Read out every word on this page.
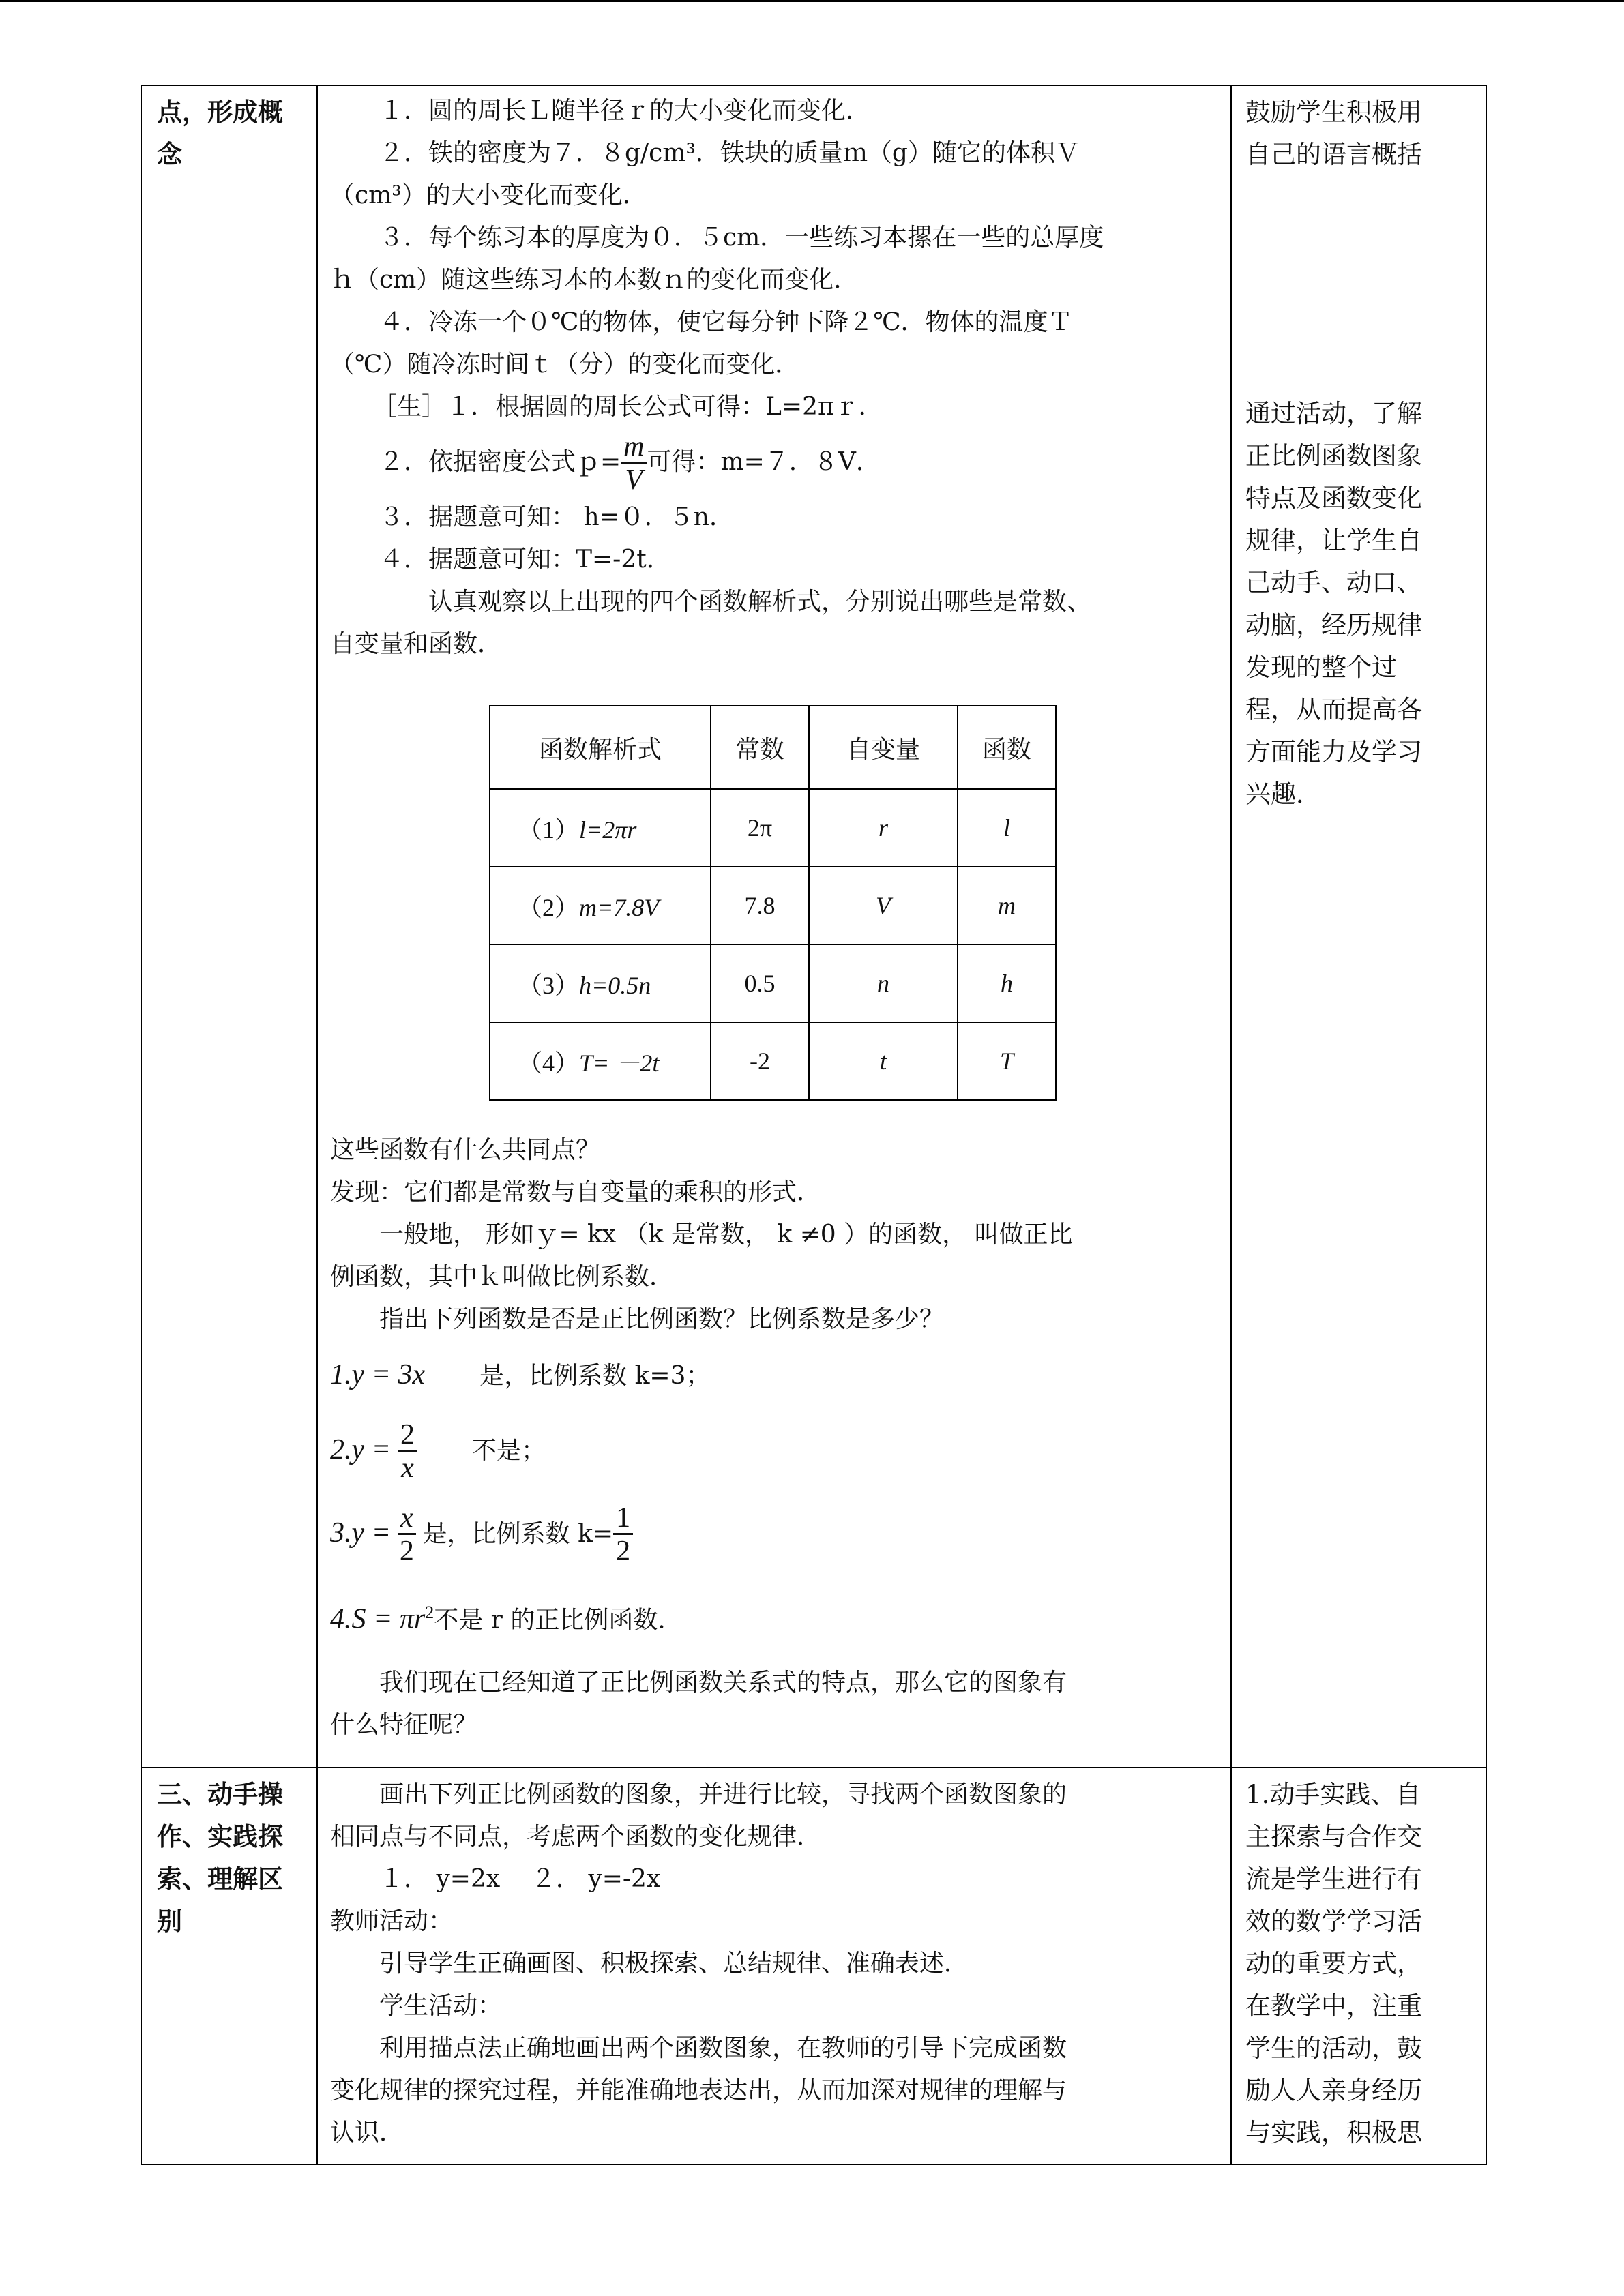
点，形成概
念

１．圆的周长Ｌ随半径ｒ的大小变化而变化．

２．铁的密度为７．８g/cm³．铁块的质量ｍ（g）随它的体积Ｖ

（cm³）的大小变化而变化．

３．每个练习本的厚度为０．５cm．一些练习本摞在一些的总厚度

ｈ（cm）随这些练习本的本数ｎ的变化而变化．

４．冷冻一个０℃的物体，使它每分钟下降２℃．物体的温度Ｔ

（℃）随冷冻时间ｔ（分）的变化而变化．

［生］１．根据圆的周长公式可得：L=2πｒ．

２．依据密度公式ｐ= $\frac{m}{V}$ 可得：m=７．８V．

３．据题意可知： h=０．５n．

４．据题意可知：T=-2t．

认真观察以上出现的四个函数解析式，分别说出哪些是常数、

自变量和函数．

函数解析式	常数	自变量	函数
（1）l=2πr	2π	r	l
（2）m=7.8V	7.8	V	m
（3）h=0.5n	0.5	n	h
（4）T= －2t	-2	t	T

这些函数有什么共同点？

发现：它们都是常数与自变量的乘积的形式．

一般地， 形如ｙ= kx （k 是常数， k ≠0 ）的函数， 叫做正比

例函数，其中ｋ叫做比例系数．

指出下列函数是否是正比例函数？比例系数是多少？

1.y = 3x 是，比例系数 k=3；

$2.y = \frac{2}{x}$ 不是；

$3.y = \frac{x}{2}$ 是，比例系数 $k= \frac{1}{2}$

$4.S = \pi r^2$不是 r 的正比例函数．

我们现在已经知道了正比例函数关系式的特点，那么它的图象有

什么特征呢？

鼓励学生积极用
自己的语言概括
通过活动，了解
正比例函数图象
特点及函数变化
规律，让学生自
己动手、动口、
动脑，经历规律
发现的整个过
程，从而提高各
方面能力及学习
兴趣．

三、动手操
作、实践探
索、理解区
别

画出下列正比例函数的图象，并进行比较，寻找两个函数图象的

相同点与不同点，考虑两个函数的变化规律．

１． y=2x    ２． y=-2x

教师活动：

引导学生正确画图、积极探索、总结规律、准确表述．

学生活动：

利用描点法正确地画出两个函数图象，在教师的引导下完成函数

变化规律的探究过程，并能准确地表达出，从而加深对规律的理解与

认识．

1.动手实践、自
主探索与合作交
流是学生进行有
效的数学学习活
动的重要方式，
在教学中，注重
学生的活动，鼓
励人人亲身经历
与实践，积极思
